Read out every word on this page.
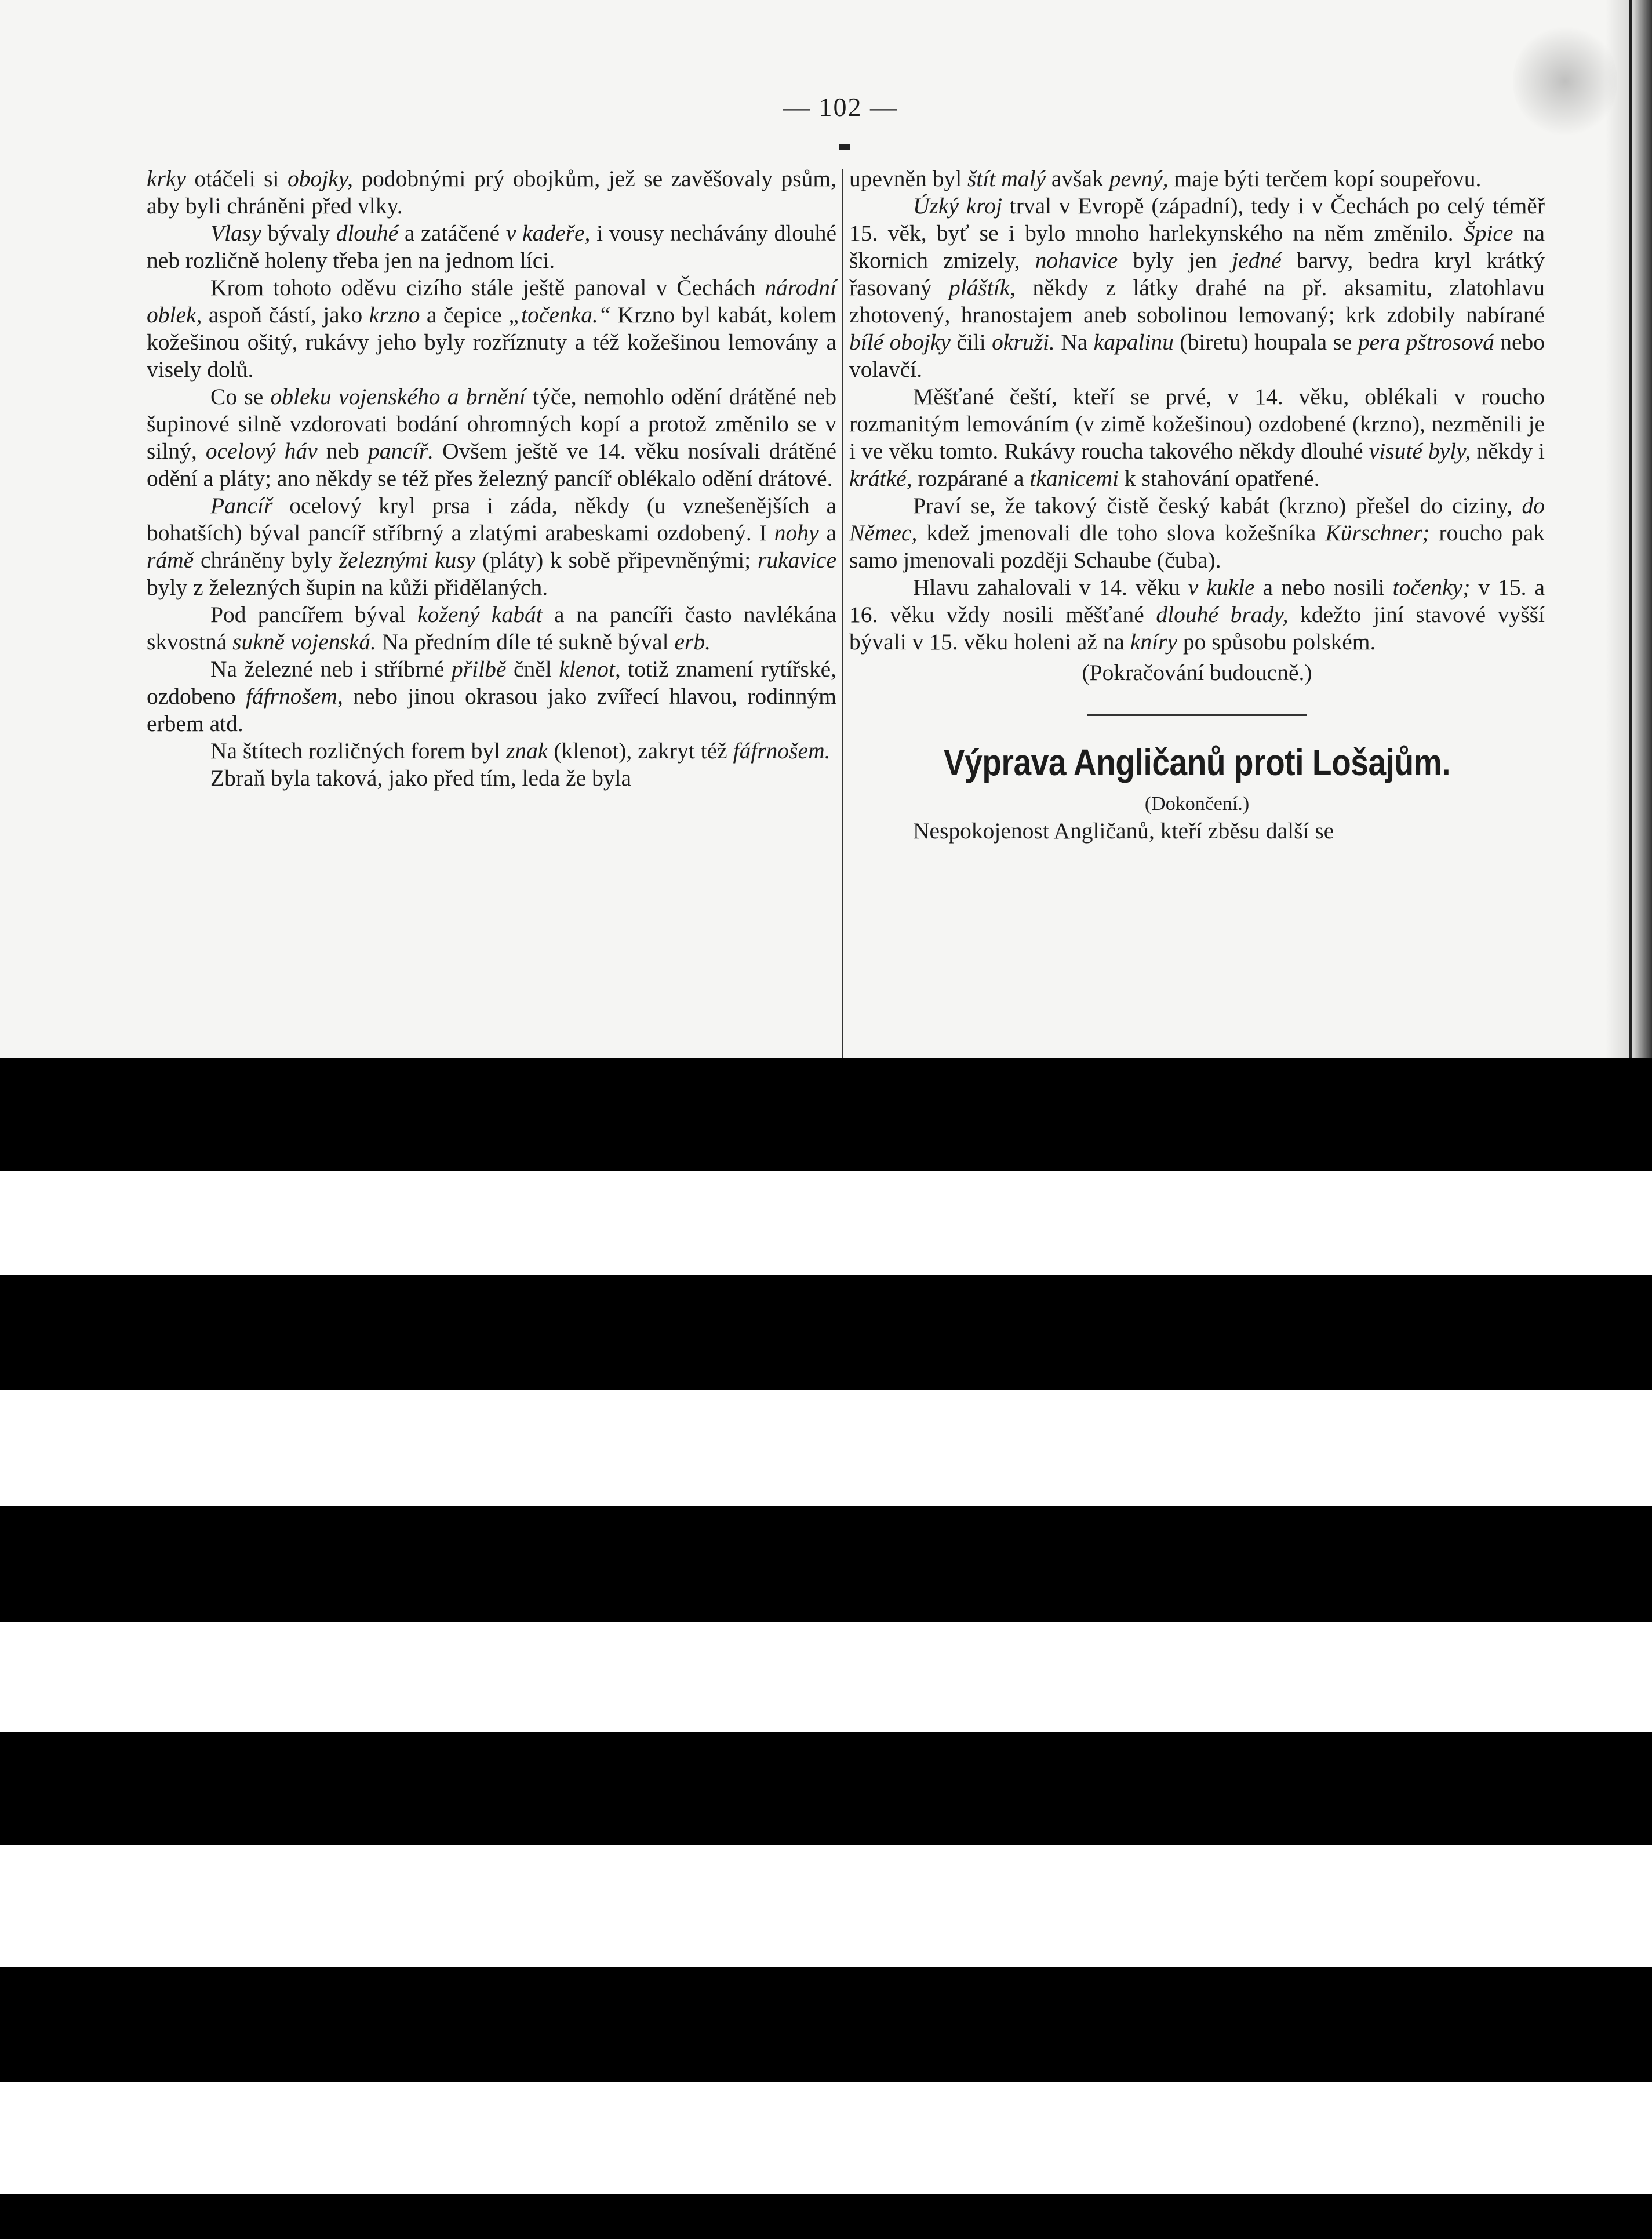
— 102 —

krky otáčeli si obojky, podobnými prý obojkům, jež se zavěšovaly psům, aby byli chráněni před vlky.

Vlasy bývaly dlouhé a zatáčené v kadeře, i vousy nechávány dlouhé neb rozličně holeny třeba jen na jednom líci.

Krom tohoto oděvu cizího stále ještě panoval v Čechách národní oblek, aspoň částí, jako krzno a čepice „točenka.“ Krzno byl kabát, kolem kožešinou ošitý, rukávy jeho byly rozříznuty a též kožešinou lemovány a visely dolů.

Co se obleku vojenského a brnění týče, nemohlo odění drátěné neb šupinové silně vzdorovati bodání ohromných kopí a protož změnilo se v silný, ocelový háv neb pancíř. Ovšem ještě ve 14. věku nosívali drátěné odění a pláty; ano někdy se též přes železný pancíř oblékalo odění drátové.

Pancíř ocelový kryl prsa i záda, někdy (u vznešenějších a bohatších) býval pancíř stříbrný a zlatými arabeskami ozdobený. I nohy a rámě chráněny byly železnými kusy (pláty) k sobě připevněnými; rukavice byly z železných šupin na kůži přidělaných.

Pod pancířem býval kožený kabát a na pancíři často navlékána skvostná sukně vojenská. Na předním díle té sukně býval erb.

Na železné neb i stříbrné přilbě čněl klenot, totiž znamení rytířské, ozdobeno fáfrnošem, nebo jinou okrasou jako zvířecí hlavou, rodinným erbem atd.

Na štítech rozličných forem byl znak (klenot), zakryt též fáfrnošem.

Zbraň byla taková, jako před tím, leda že byla

upevněn byl štít malý avšak pevný, maje býti terčem kopí soupeřovu.

Úzký kroj trval v Evropě (západní), tedy i v Čechách po celý téměř 15. věk, byť se i bylo mnoho harlekynského na něm změnilo. Špice na škornich zmizely, nohavice byly jen jedné barvy, bedra kryl krátký řasovaný pláštík, někdy z látky drahé na př. aksamitu, zlatohlavu zhotovený, hranostajem aneb sobolinou lemovaný; krk zdobily nabírané bílé obojky čili okruži. Na kapalinu (biretu) houpala se pera pštrosová nebo volavčí.

Měšťané čeští, kteří se prvé, v 14. věku, oblékali v roucho rozmanitým lemováním (v zimě kožešinou) ozdobené (krzno), nezměnili je i ve věku tomto. Rukávy roucha takového někdy dlouhé visuté byly, někdy i krátké, rozpárané a tkanicemi k stahování opatřené.

Praví se, že takový čistě český kabát (krzno) přešel do ciziny, do Němec, kdež jmenovali dle toho slova kožešníka Kürschner; roucho pak samo jmenovali později Schaube (čuba).

Hlavu zahalovali v 14. věku v kukle a nebo nosili točenky; v 15. a 16. věku vždy nosili měšťané dlouhé brady, kdežto jiní stavové vyšší bývali v 15. věku holeni až na kníry po spůsobu polském.

(Pokračování budoucně.)

Výprava Angličanů proti Lošajům.

(Dokončení.)

Nespokojenost Angličanů, kteří zběsu další se
